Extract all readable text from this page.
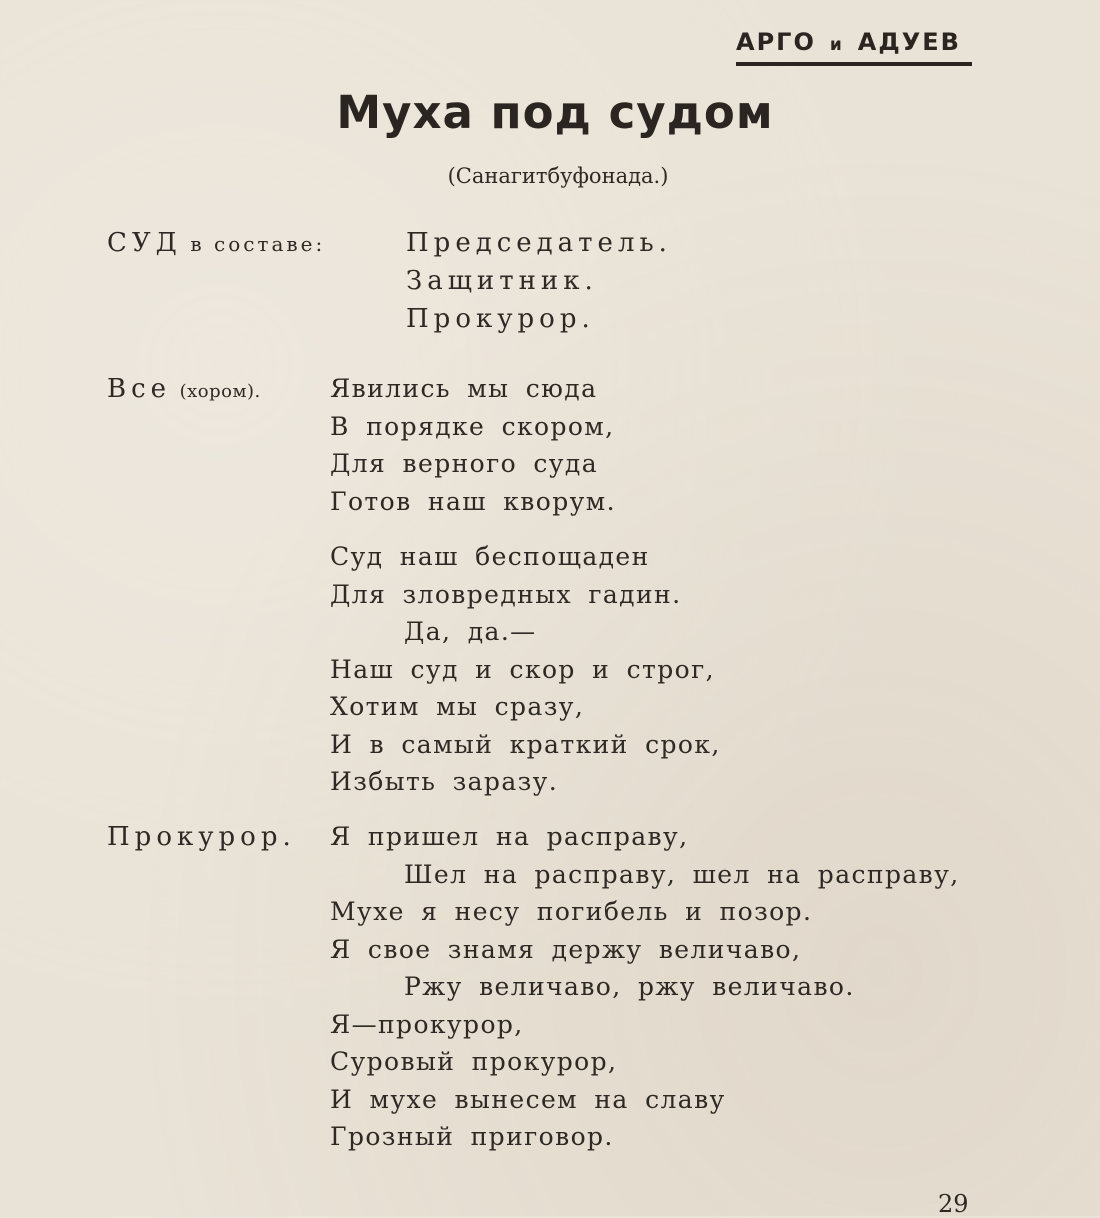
АРГО и АДУЕВ
Муха под судом
(Санагитбуфонада.)
СУД в составе:	Председатель.
Защитник.
Прокурор.
Все (хором).	Явились мы сюда
В порядке скором,
Для верного суда
Готов наш кворум.
Суд наш беспощаден
Для зловредных гадин.
Да, да.—
Наш суд и скор и строг,
Хотим мы сразу,
И в самый краткий срок,
Избыть заразу.
Прокурор. Я пришел на расправу,
Шел на расправу, шел на расправу,
Мухе я несу погибель и позор.
Я свое знамя держу величаво,
Ржу величаво, ржу величаво.
Я—прокурор,
Суровый прокурор,
И мухе вынесем на славу
Грозный приговор.
29
